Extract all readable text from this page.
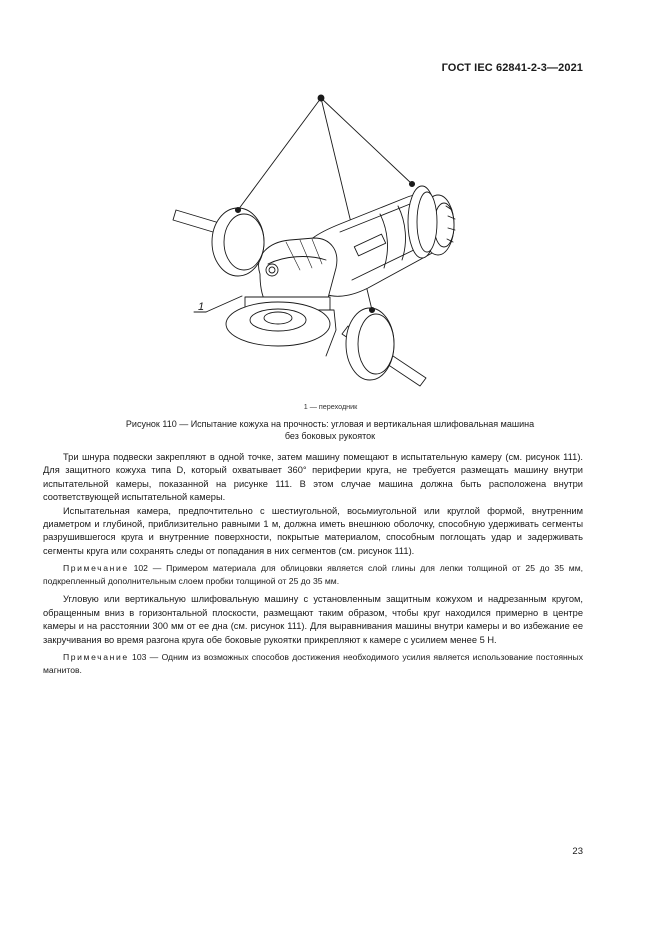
ГОСТ IEC 62841-2-3—2021
1
1 — переходник
Рисунок 110 — Испытание кожуха на прочность: угловая и вертикальная шлифовальная машина
без боковых рукояток

Три шнура подвески закрепляют в одной точке, затем машину помещают в испытательную камеру (см. рисунок 111). Для защитного кожуха типа D, который охватывает 360° периферии круга, не требуется размещать машину внутри испытательной камеры, показанной на рисунке 111. В этом случае машина должна быть расположена внутри соответствующей испытательной камеры.

Испытательная камера, предпочтительно с шестиугольной, восьмиугольной или круглой формой, внутренним диаметром и глубиной, приблизительно равными 1 м, должна иметь внешнюю оболочку, способную удерживать сегменты разрушившегося круга и внутренние поверхности, покрытые материалом, способным поглощать удар и задерживать сегменты круга или сохранять следы от попадания в них сегментов (см. рисунок 111).

Примечание 102 — Примером материала для облицовки является слой глины для лепки толщиной от 25 до 35 мм, подкрепленный дополнительным слоем пробки толщиной от 25 до 35 мм.

Угловую или вертикальную шлифовальную машину с установленным защитным кожухом и надрезанным кругом, обращенным вниз в горизонтальной плоскости, размещают таким образом, чтобы круг находился примерно в центре камеры и на расстоянии 300 мм от ее дна (см. рисунок 111). Для выравнивания машины внутри камеры и во избежание ее закручивания во время разгона круга обе боковые рукоятки прикрепляют к камере с усилием менее 5 Н.

Примечание 103 — Одним из возможных способов достижения необходимого усилия является использование постоянных магнитов.

23
